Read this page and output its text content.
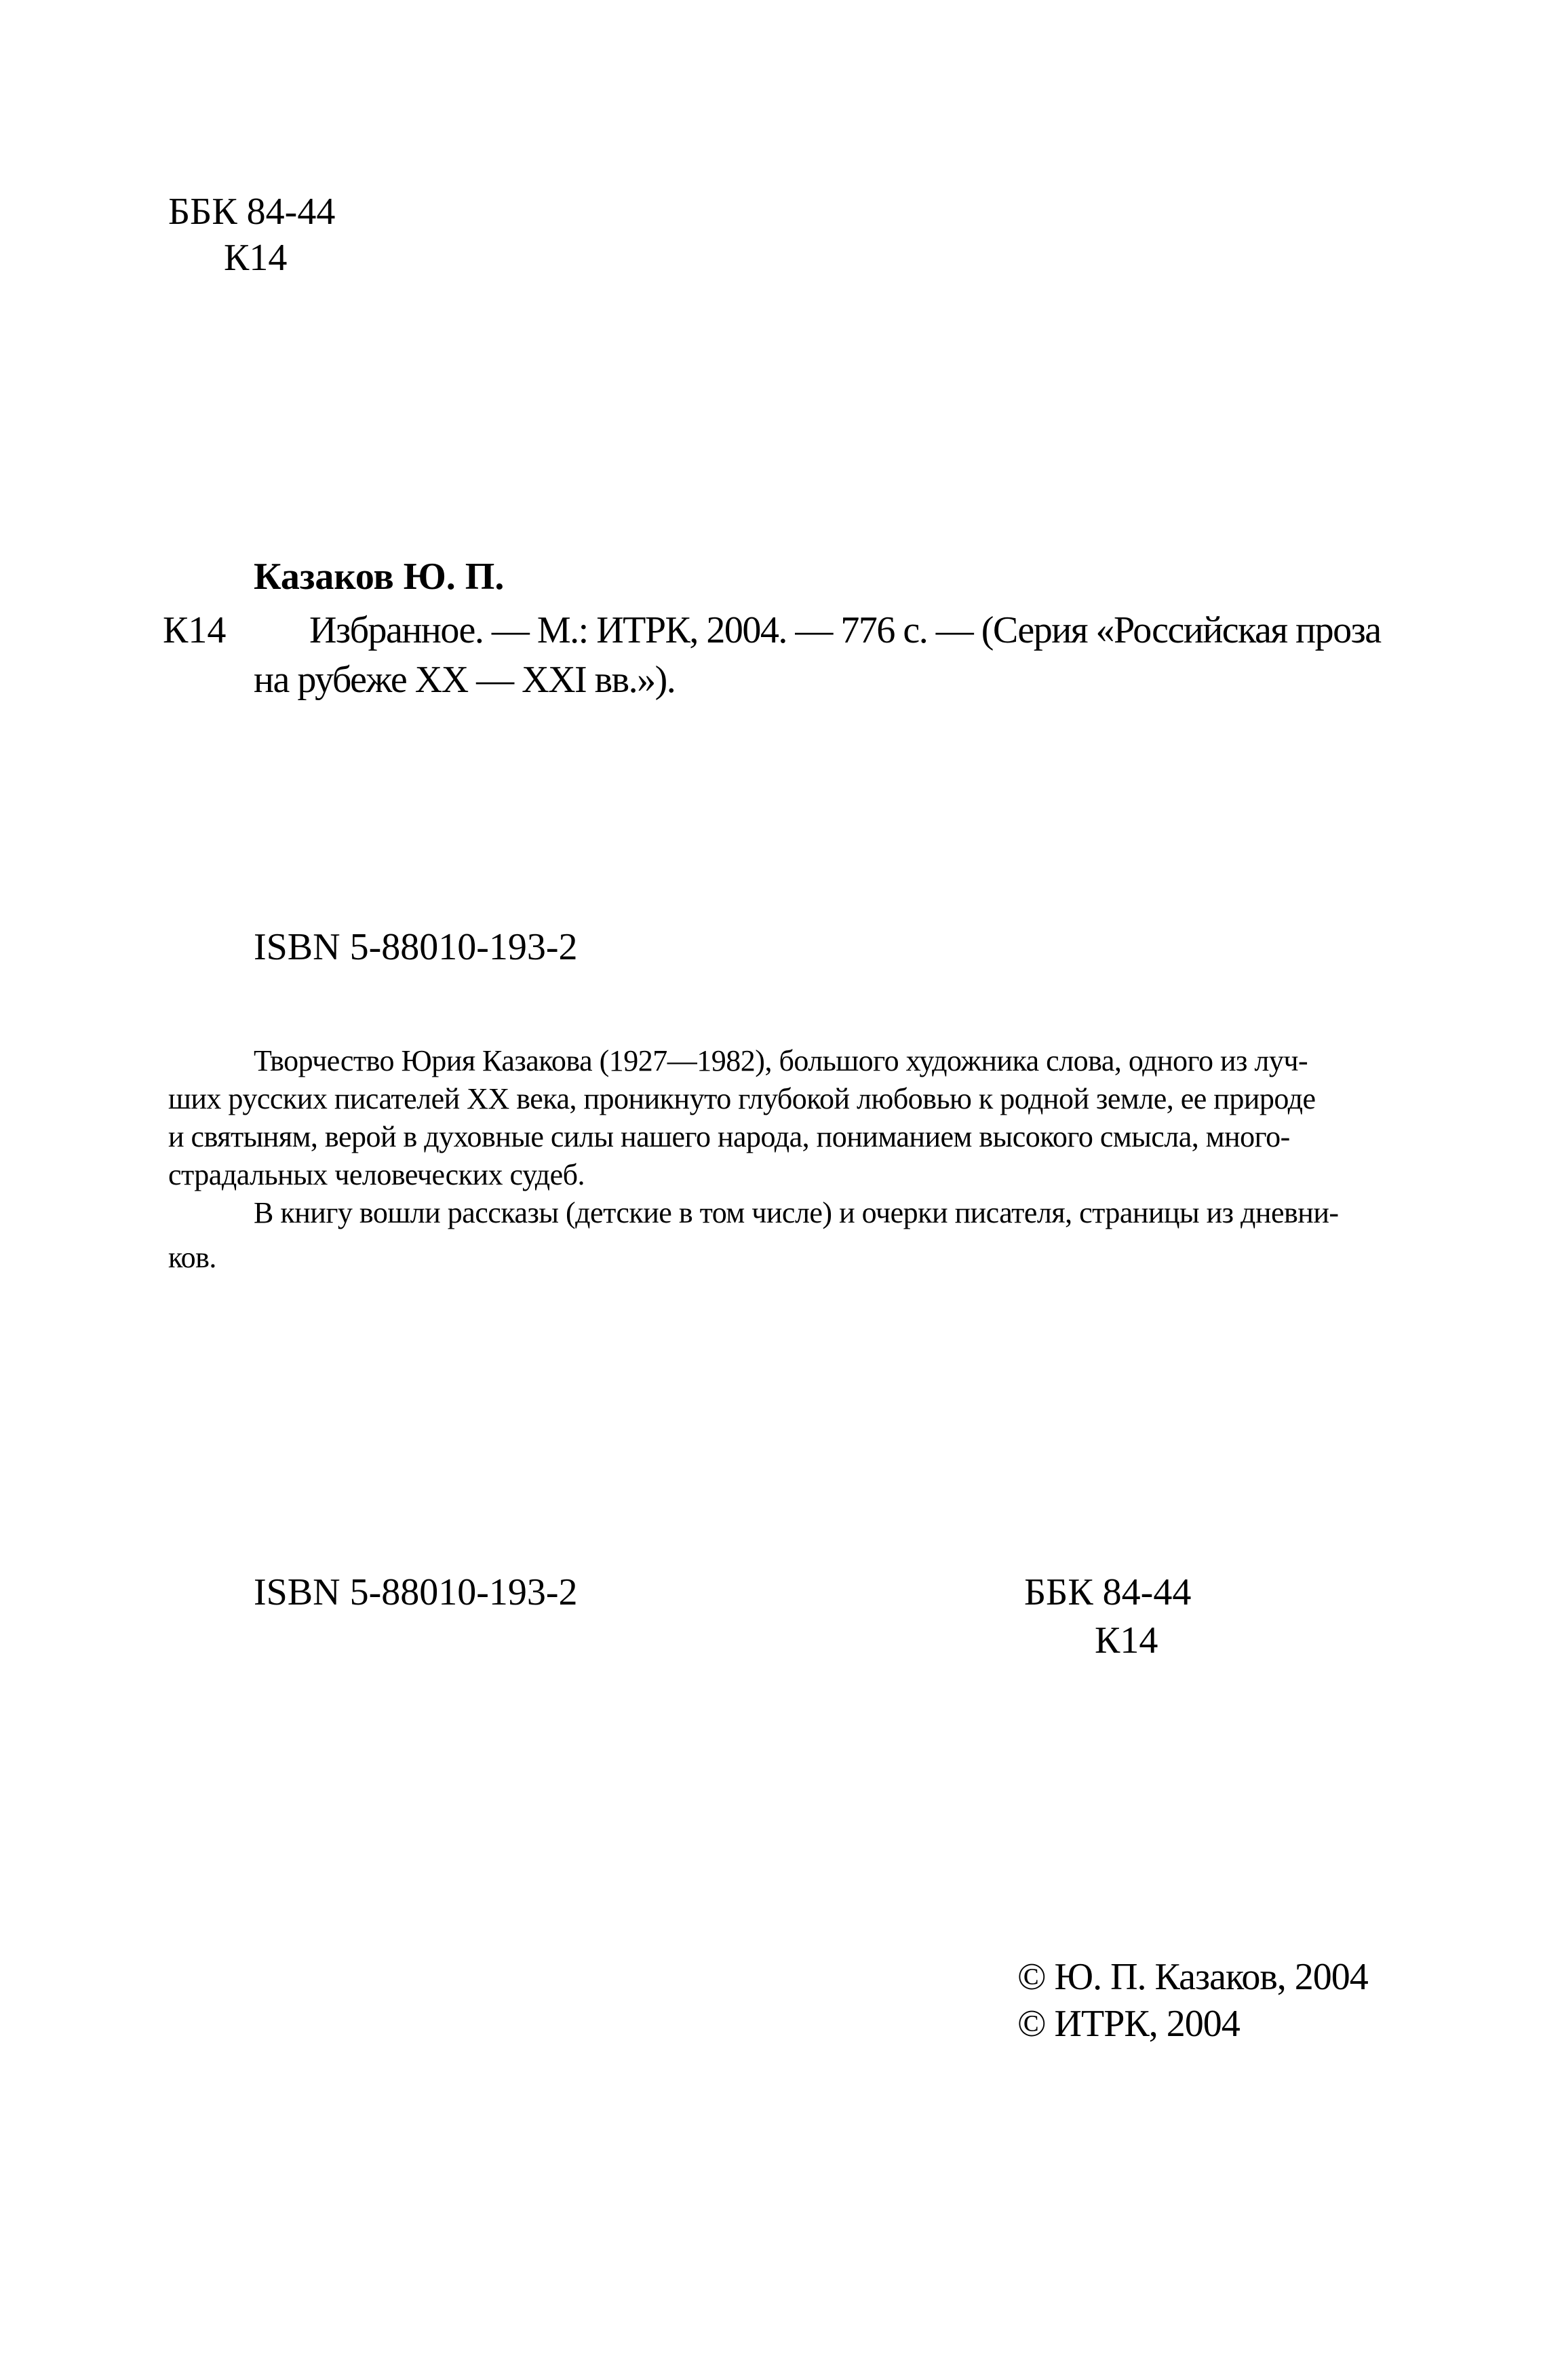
ББК 84-44
К14
Казаков Ю. П.
К14 Избранное. — М.: ИТРК, 2004. — 776 с. — (Серия «Российская проза
на рубеже XX — XXI вв.»).
ISBN 5-88010-193-2

Творчество Юрия Казакова (1927—1982), большого художника слова, одного из луч-

ших русских писателей XX века, проникнуто глубокой любовью к родной земле, ее природе

и святыням, верой в духовные силы нашего народа, пониманием высокого смысла, много-

страдальных человеческих судеб.

В книгу вошли рассказы (детские в том числе) и очерки писателя, страницы из дневни-

ков.

ISBN 5-88010-193-2	ББК 84-44
К14
© Ю. П. Казаков, 2004
© ИТРК, 2004
